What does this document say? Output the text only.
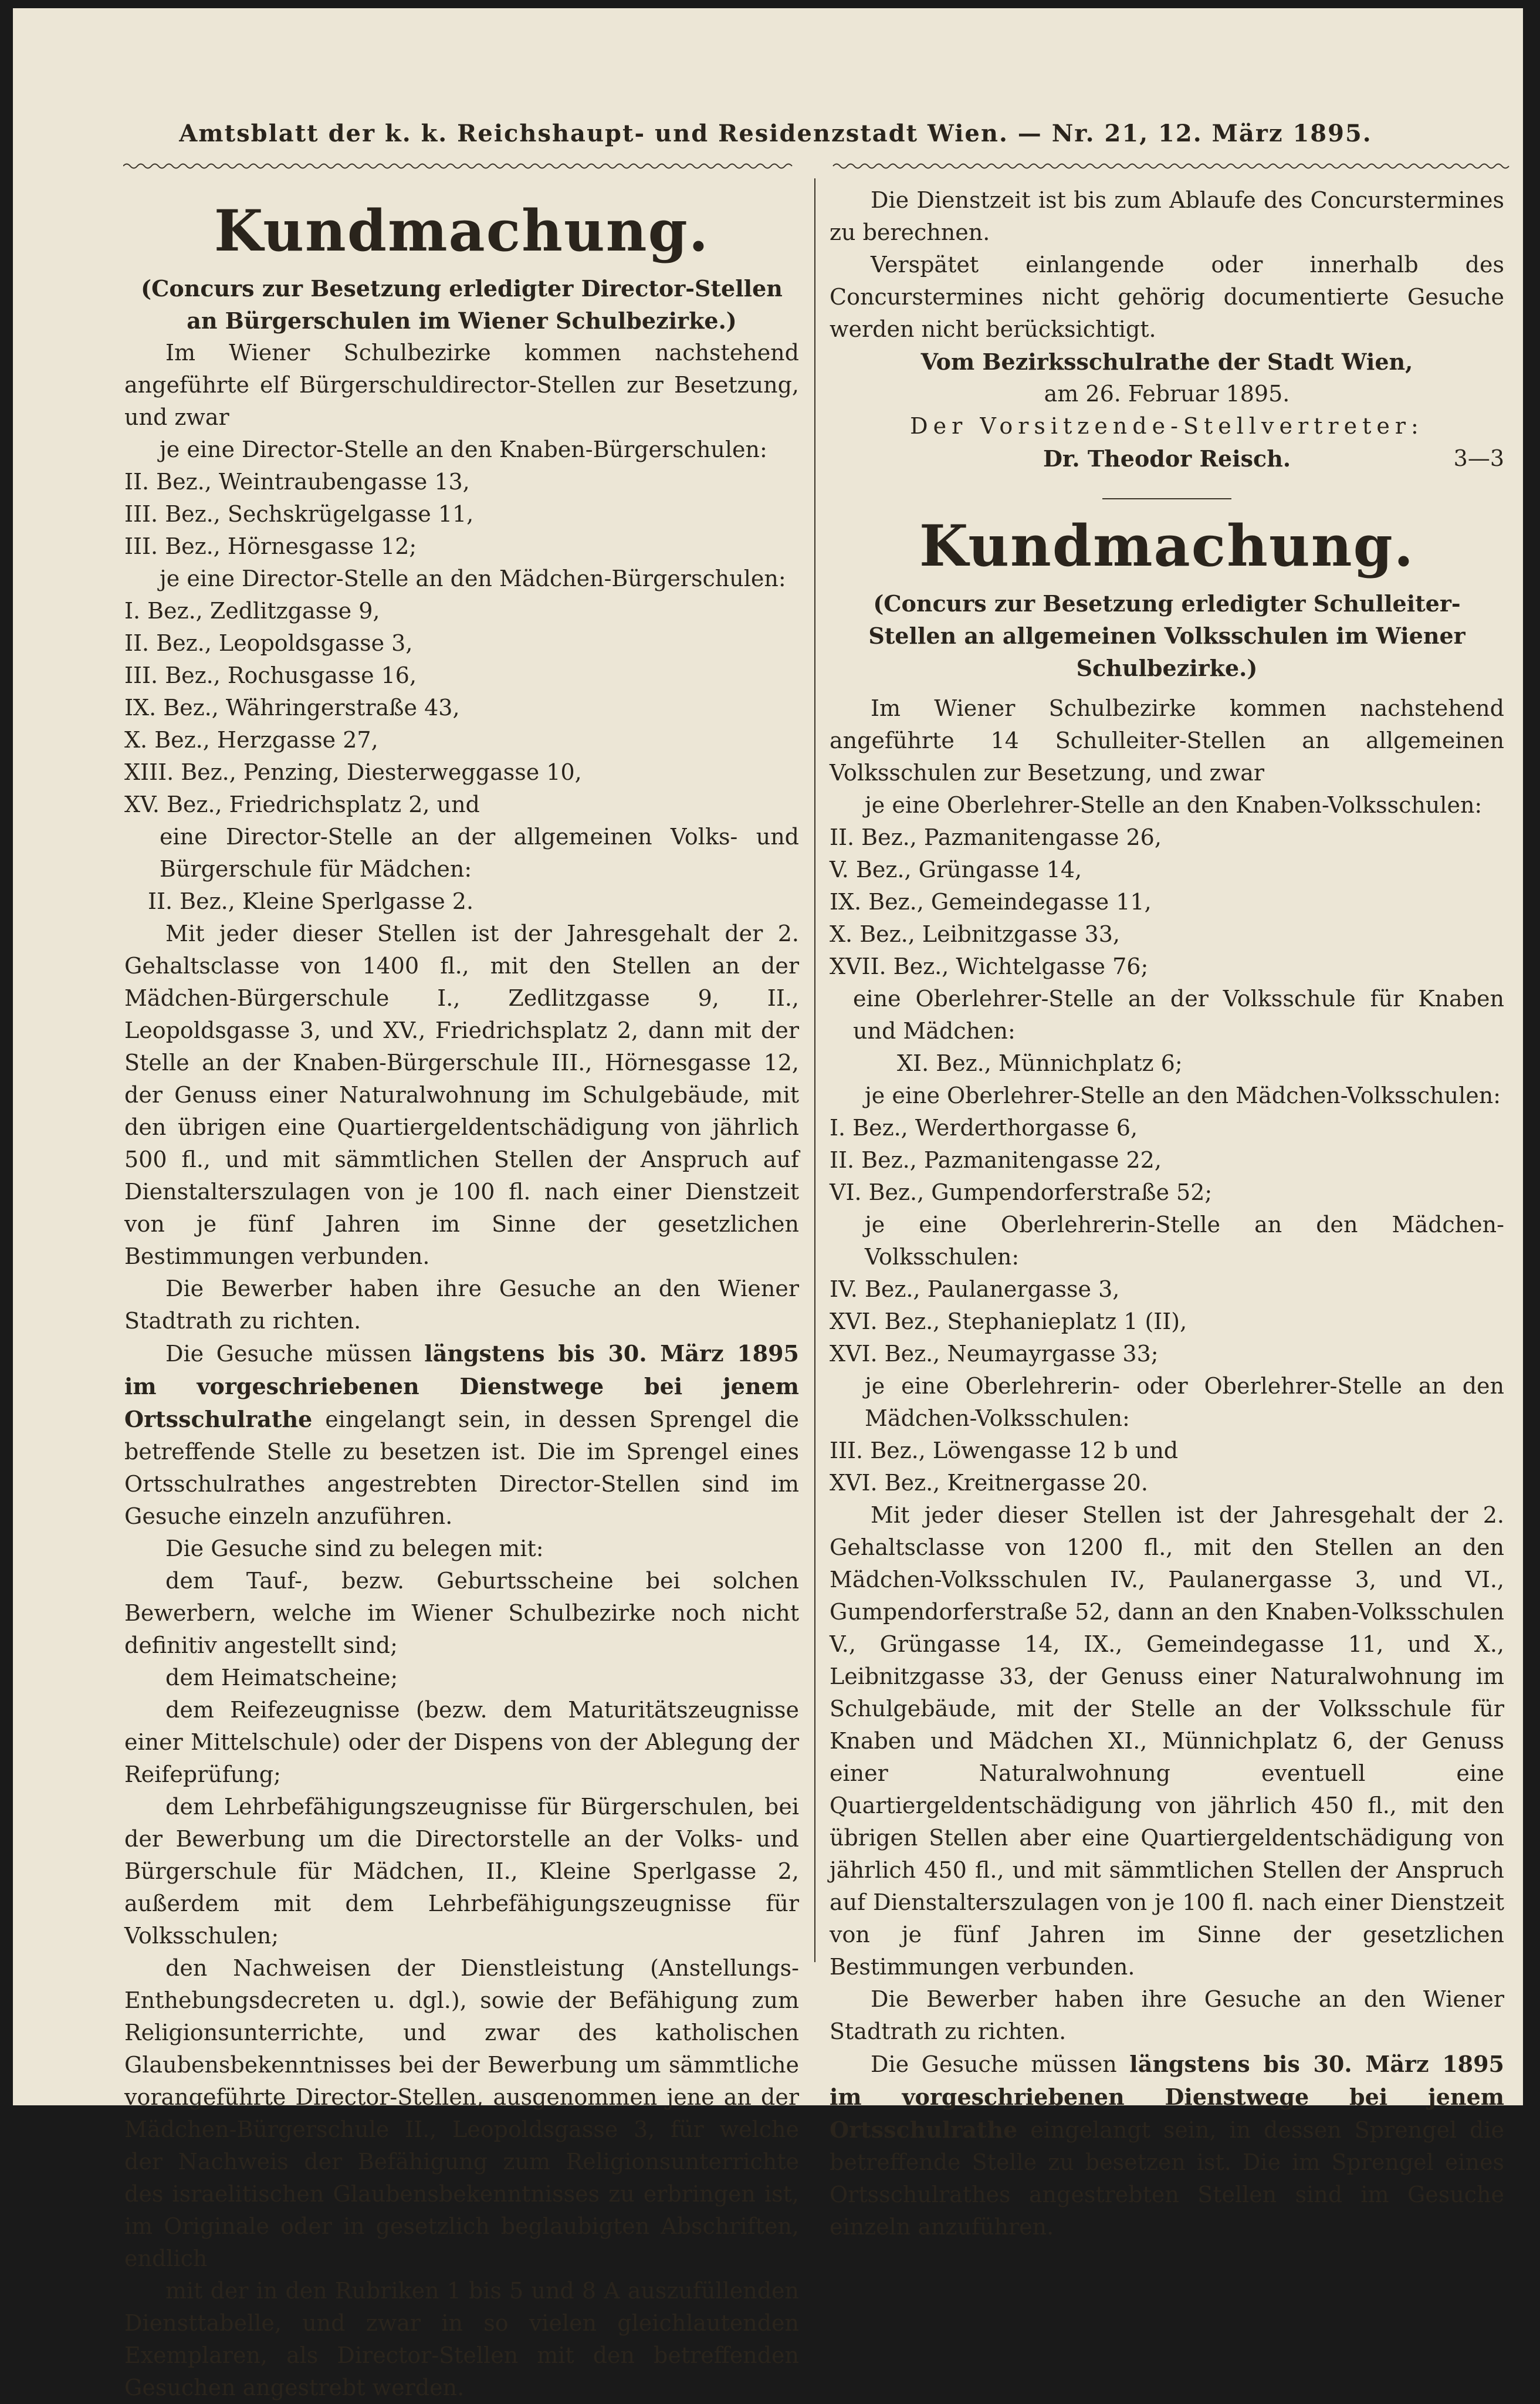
Amtsblatt der k. k. Reichshaupt- und Residenzstadt Wien. — Nr. 21, 12. März 1895.
Kundmachung.

(Concurs zur Besetzung erledigter Director-Stellen an Bürgerschulen im Wiener Schulbezirke.)

Im Wiener Schulbezirke kommen nachstehend angeführte elf Bürgerschuldirector-Stellen zur Besetzung, und zwar

je eine Director-Stelle an den Knaben-Bürgerschulen:

II. Bez., Weintraubengasse 13,
III. Bez., Sechskrügelgasse 11,
III. Bez., Hörnesgasse 12;

je eine Director-Stelle an den Mädchen-Bürgerschulen:

I. Bez., Zedlitzgasse 9,
II. Bez., Leopoldsgasse 3,
III. Bez., Rochusgasse 16,
IX. Bez., Währingerstraße 43,
X. Bez., Herzgasse 27,
XIII. Bez., Penzing, Diesterweggasse 10,
XV. Bez., Friedrichsplatz 2, und

eine Director-Stelle an der allgemeinen Volks- und Bürgerschule für Mädchen:

II. Bez., Kleine Sperlgasse 2.

Mit jeder dieser Stellen ist der Jahresgehalt der 2. Gehaltsclasse von 1400 fl., mit den Stellen an der Mädchen-Bürgerschule I., Zedlitzgasse 9, II., Leopoldsgasse 3, und XV., Friedrichsplatz 2, dann mit der Stelle an der Knaben-Bürgerschule III., Hörnesgasse 12, der Genuss einer Naturalwohnung im Schulgebäude, mit den übrigen eine Quartiergeldentschädigung von jährlich 500 fl., und mit sämmtlichen Stellen der Anspruch auf Dienstalterszulagen von je 100 fl. nach einer Dienstzeit von je fünf Jahren im Sinne der gesetzlichen Bestimmungen verbunden.

Die Bewerber haben ihre Gesuche an den Wiener Stadtrath zu richten.

Die Gesuche müssen längstens bis 30. März 1895 im vorgeschriebenen Dienstwege bei jenem Ortsschulrathe eingelangt sein, in dessen Sprengel die betreffende Stelle zu besetzen ist. Die im Sprengel eines Ortsschulrathes angestrebten Director-Stellen sind im Gesuche einzeln anzuführen.

Die Gesuche sind zu belegen mit:

dem Tauf-, bezw. Geburtsscheine bei solchen Bewerbern, welche im Wiener Schulbezirke noch nicht definitiv angestellt sind;

dem Heimatscheine;

dem Reifezeugnisse (bezw. dem Maturitätszeugnisse einer Mittelschule) oder der Dispens von der Ablegung der Reifeprüfung;

dem Lehrbefähigungszeugnisse für Bürgerschulen, bei der Bewerbung um die Directorstelle an der Volks- und Bürgerschule für Mädchen, II., Kleine Sperlgasse 2, außerdem mit dem Lehrbefähigungszeugnisse für Volksschulen;

den Nachweisen der Dienstleistung (Anstellungs-Enthebungsdecreten u. dgl.), sowie der Befähigung zum Religionsunterrichte, und zwar des katholischen Glaubensbekenntnisses bei der Bewerbung um sämmtliche vorangeführte Director-Stellen, ausgenommen jene an der Mädchen-Bürgerschule II., Leopoldsgasse 3, für welche der Nachweis der Befähigung zum Religionsunterrichte des israelitischen Glaubensbekenntnisses zu erbringen ist, im Originale oder in gesetzlich beglaubigten Abschriften, endlich

mit der in den Rubriken 1 bis 5 und 8 A auszufüllenden Diensttabelle, und zwar in so vielen gleichlautenden Exemplaren, als Director-Stellen mit den betreffenden Gesuchen angestrebt werden.

Die Dienstzeit ist bis zum Ablaufe des Concurstermines zu berechnen.

Verspätet einlangende oder innerhalb des Concurstermines nicht gehörig documentierte Gesuche werden nicht berücksichtigt.

Vom Bezirksschulrathe der Stadt Wien,

am 26. Februar 1895.

Der Vorsitzende-Stellvertreter:

Dr. Theodor Reisch.	3—3
Kundmachung.

(Concurs zur Besetzung erledigter Schulleiter-Stellen an allgemeinen Volksschulen im Wiener Schulbezirke.)

Im Wiener Schulbezirke kommen nachstehend angeführte 14 Schulleiter-Stellen an allgemeinen Volksschulen zur Besetzung, und zwar

je eine Oberlehrer-Stelle an den Knaben-Volksschulen:

II. Bez., Pazmanitengasse 26,
V. Bez., Grüngasse 14,
IX. Bez., Gemeindegasse 11,
X. Bez., Leibnitzgasse 33,
XVII. Bez., Wichtelgasse 76;

eine Oberlehrer-Stelle an der Volksschule für Knaben und Mädchen:

XI. Bez., Münnichplatz 6;

je eine Oberlehrer-Stelle an den Mädchen-Volksschulen:

I. Bez., Werderthorgasse 6,
II. Bez., Pazmanitengasse 22,
VI. Bez., Gumpendorferstraße 52;

je eine Oberlehrerin-Stelle an den Mädchen-Volksschulen:

IV. Bez., Paulanergasse 3,
XVI. Bez., Stephanieplatz 1 (II),
XVI. Bez., Neumayrgasse 33;

je eine Oberlehrerin- oder Oberlehrer-Stelle an den Mädchen-Volksschulen:

III. Bez., Löwengasse 12 b und
XVI. Bez., Kreitnergasse 20.

Mit jeder dieser Stellen ist der Jahresgehalt der 2. Gehaltsclasse von 1200 fl., mit den Stellen an den Mädchen-Volksschulen IV., Paulanergasse 3, und VI., Gumpendorferstraße 52, dann an den Knaben-Volksschulen V., Grüngasse 14, IX., Gemeindegasse 11, und X., Leibnitzgasse 33, der Genuss einer Naturalwohnung im Schulgebäude, mit der Stelle an der Volksschule für Knaben und Mädchen XI., Münnichplatz 6, der Genuss einer Naturalwohnung eventuell eine Quartiergeldentschädigung von jährlich 450 fl., mit den übrigen Stellen aber eine Quartiergeldentschädigung von jährlich 450 fl., und mit sämmtlichen Stellen der Anspruch auf Dienstalterszulagen von je 100 fl. nach einer Dienstzeit von je fünf Jahren im Sinne der gesetzlichen Bestimmungen verbunden.

Die Bewerber haben ihre Gesuche an den Wiener Stadtrath zu richten.

Die Gesuche müssen längstens bis 30. März 1895 im vorgeschriebenen Dienstwege bei jenem Ortsschulrathe eingelangt sein, in dessen Sprengel die betreffende Stelle zu besetzen ist. Die im Sprengel eines Ortsschulrathes angestrebten Stellen sind im Gesuche einzeln anzuführen.
